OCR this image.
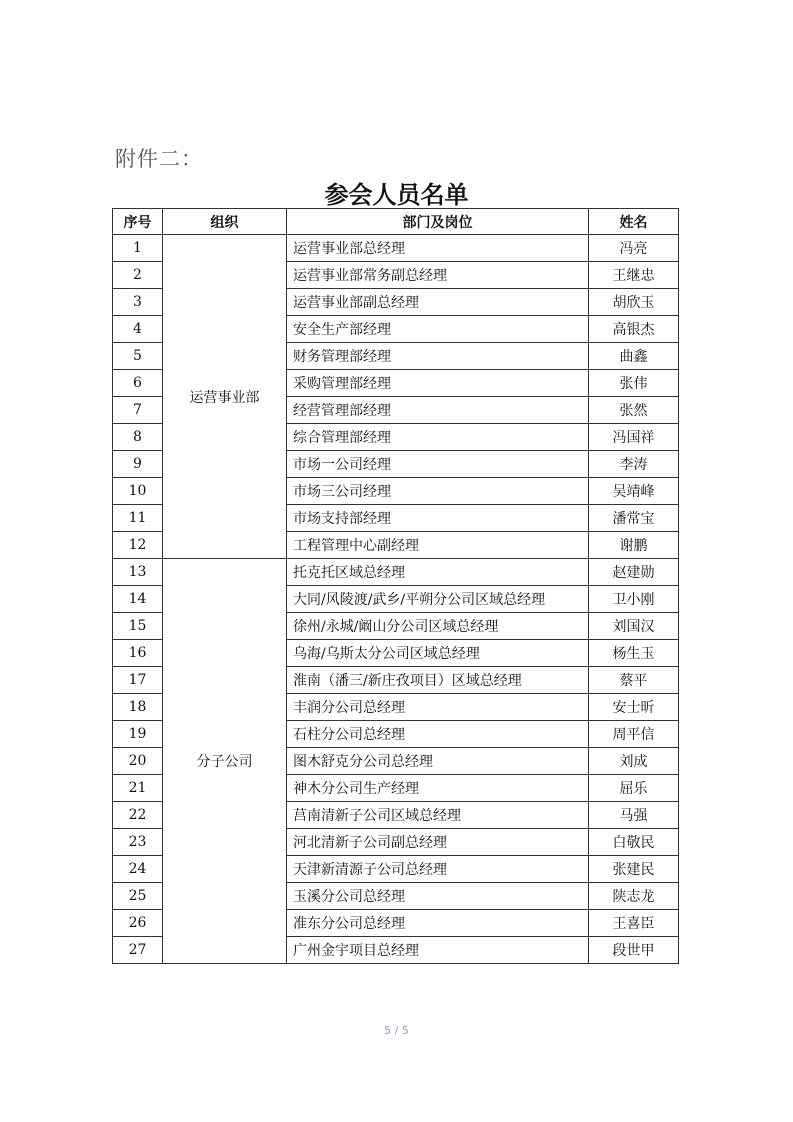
附件二：
参会人员名单
序号	组织	部门及岗位	姓名
1	运营事业部	运营事业部总经理	冯亮
2		运营事业部常务副总经理	王继忠
3		运营事业部副总经理	胡欣玉
4		安全生产部经理	高银杰
5		财务管理部经理	曲鑫
6		采购管理部经理	张伟
7		经营管理部经理	张然
8		综合管理部经理	冯国祥
9		市场一公司经理	李涛
10		市场三公司经理	吴靖峰
11		市场支持部经理	潘常宝
12		工程管理中心副经理	谢鹏
13	分子公司	托克托区域总经理	赵建勋
14		大同/风陵渡/武乡/平朔分公司区域总经理	卫小刚
15		徐州/永城/阚山分公司区域总经理	刘国汉
16		乌海/乌斯太分公司区域总经理	杨生玉
17		淮南（潘三/新庄孜项目）区域总经理	蔡平
18		丰润分公司总经理	安士昕
19		石柱分公司总经理	周平信
20		图木舒克分公司总经理	刘成
21		神木分公司生产经理	屈乐
22		莒南清新子公司区域总经理	马强
23		河北清新子公司副总经理	白敬民
24		天津新清源子公司总经理	张建民
25		玉溪分公司总经理	陕志龙
26		准东分公司总经理	王喜臣
27		广州金宇项目总经理	段世甲
5 / 5
